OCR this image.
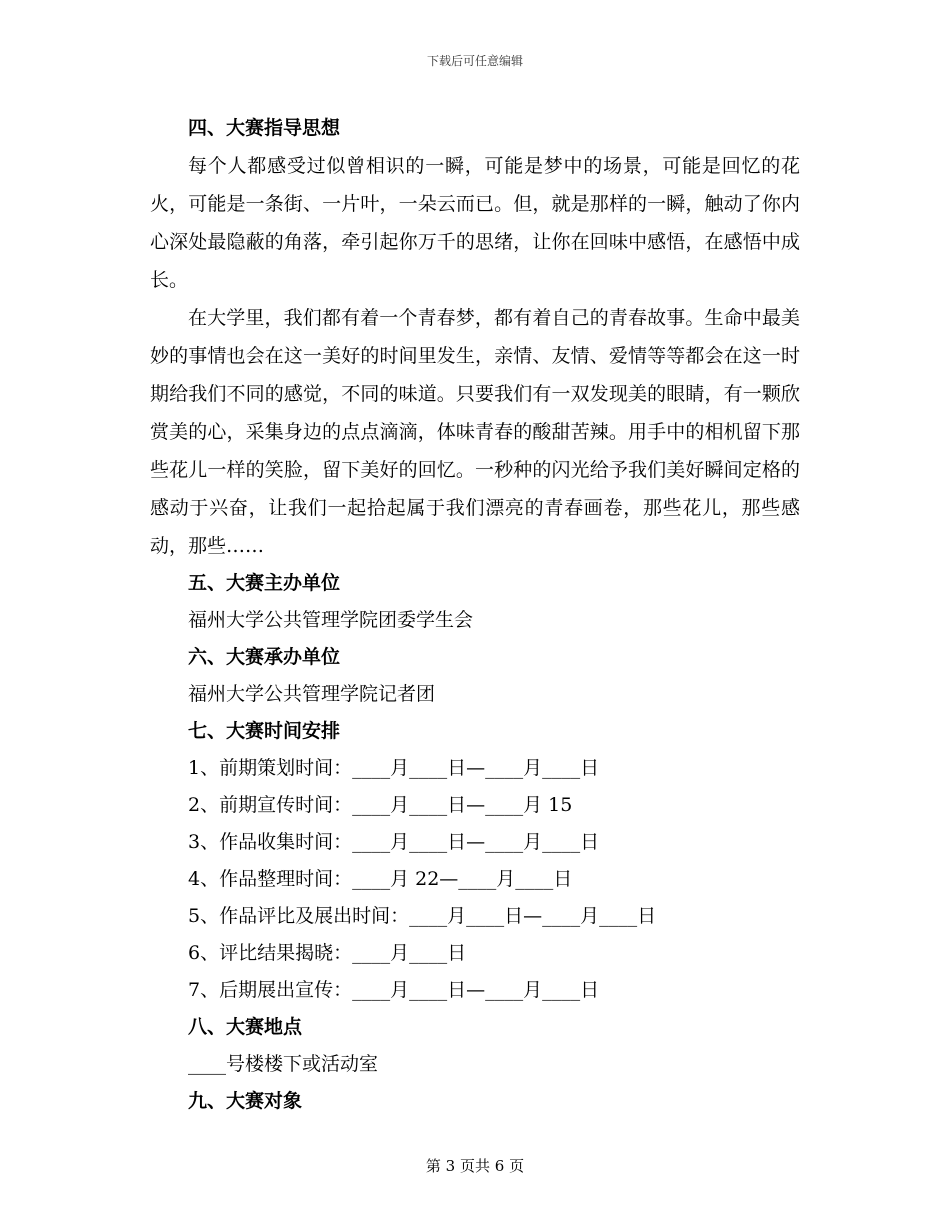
下载后可任意编辑
四、大赛指导思想

每个人都感受过似曾相识的一瞬，可能是梦中的场景，可能是回忆的花火，可能是一条街、一片叶，一朵云而已。但，就是那样的一瞬，触动了你内心深处最隐蔽的角落，牵引起你万千的思绪，让你在回味中感悟，在感悟中成长。

在大学里，我们都有着一个青春梦，都有着自己的青春故事。生命中最美妙的事情也会在这一美好的时间里发生，亲情、友情、爱情等等都会在这一时期给我们不同的感觉，不同的味道。只要我们有一双发现美的眼睛，有一颗欣赏美的心，采集身边的点点滴滴，体味青春的酸甜苦辣。用手中的相机留下那些花儿一样的笑脸，留下美好的回忆。一秒种的闪光给予我们美好瞬间定格的感动于兴奋，让我们一起拾起属于我们漂亮的青春画卷，那些花儿，那些感动，那些……

五、大赛主办单位
福州大学公共管理学院团委学生会
六、大赛承办单位
福州大学公共管理学院记者团
七、大赛时间安排
1、前期策划时间：____月____日—____月____日
2、前期宣传时间：____月____日—____月 15
3、作品收集时间：____月____日—____月____日
4、作品整理时间：____月 22—____月____日
5、作品评比及展出时间：____月____日—____月____日
6、评比结果揭晓：____月____日
7、后期展出宣传：____月____日—____月____日
八、大赛地点
____号楼楼下或活动室
九、大赛对象
第 3 页共 6 页
